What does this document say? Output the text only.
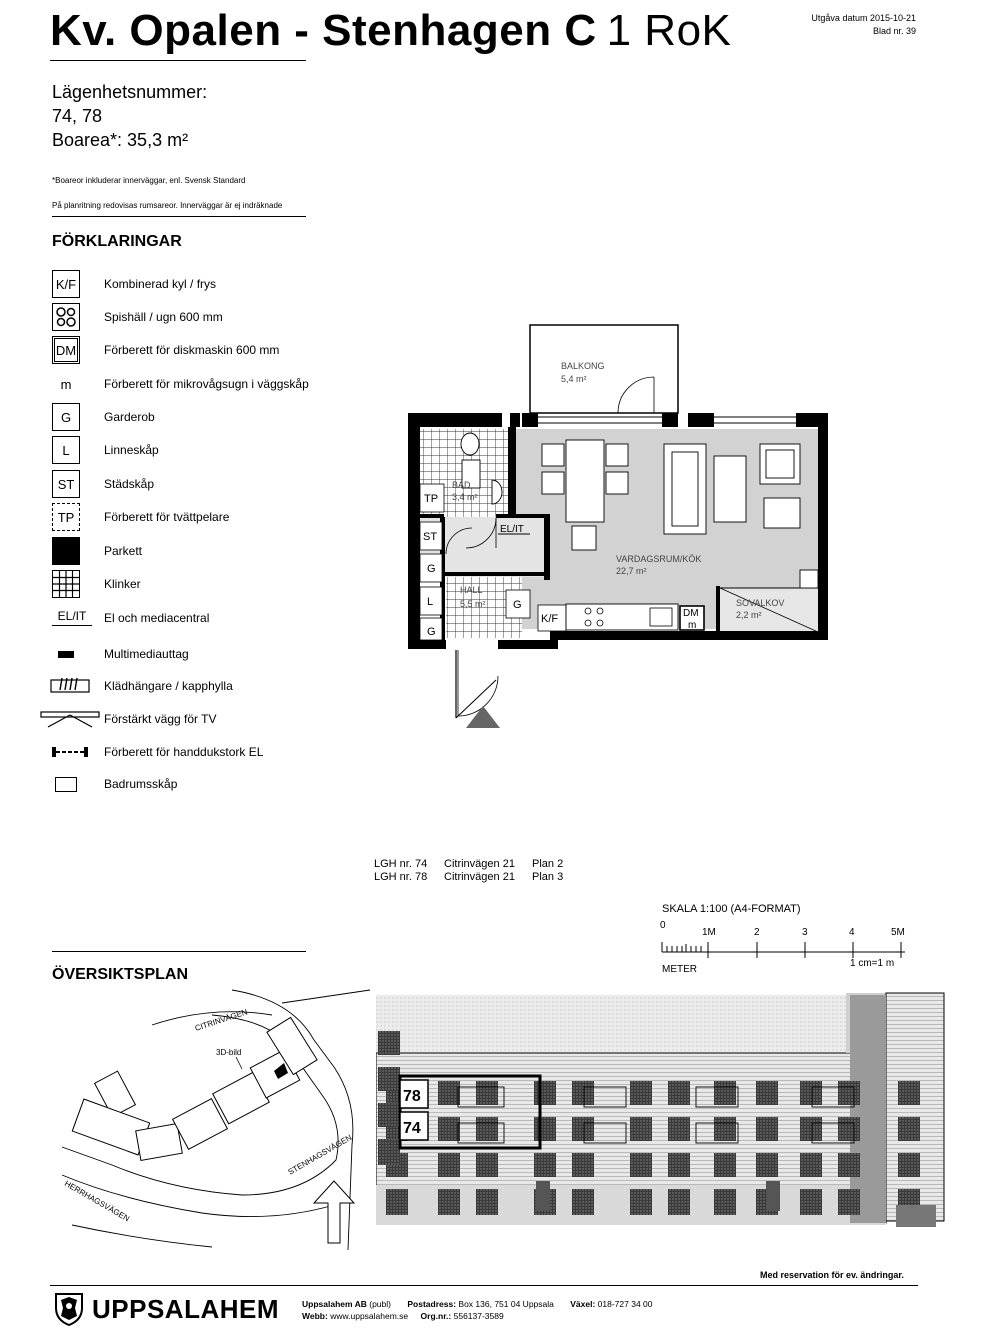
Kv. Opalen - Stenhagen C 1 RoK	Utgåva datum 2015-10-21
Blad nr. 39
Lägenhetsnummer:
74, 78
Boarea*: 35,3 m²
*Boareor inkluderar innerväggar, enl. Svensk Standard
På planritning redovisas rumsareor. Innerväggar är ej indräknade
FÖRKLARINGAR
K/F	Kombinerad kyl / frys
Spishäll / ugn 600 mm
DM	Förberett för diskmaskin 600 mm
m	Förberett för mikrovågsugn i väggskåp
G	Garderob
L	Linneskåp
ST	Städskåp
TP	Förberett för tvättpelare
Parkett
Klinker
EL/IT	El och mediacentral
Multimediauttag
Klädhängare / kapphylla
Förstärkt vägg för TV
Förberett för handdukstork EL
Badrumsskåp
TP
ST
G
L
G
G
K/F	DM
m
EL/IT
BALKONG
5,4 m²
BAD
3,4 m²
VARDAGSRUM/KÖK
22,7 m²
HALL
5,5 m²	SOVALKOV
2,2 m²
LGH nr. 74 Citrinvägen 21 Plan 2
LGH nr. 78 Citrinvägen 21 Plan 3
SKALA 1:100 (A4-FORMAT)
0
1M	2	3	4	5M
METER
1 cm=1 m
ÖVERSIKTSPLAN
3D-bild
CITRINVÄGEN
STENHAGSVÄGEN
HERRHAGSVÄGEN
78
74
Med reservation för ev. ändringar.
UPPSALAHEM	Uppsalahem AB (publ) Postadress: Box 136, 751 04 Uppsala Växel: 018-727 34 00
Webb: www.uppsalahem.se Org.nr.: 556137-3589
